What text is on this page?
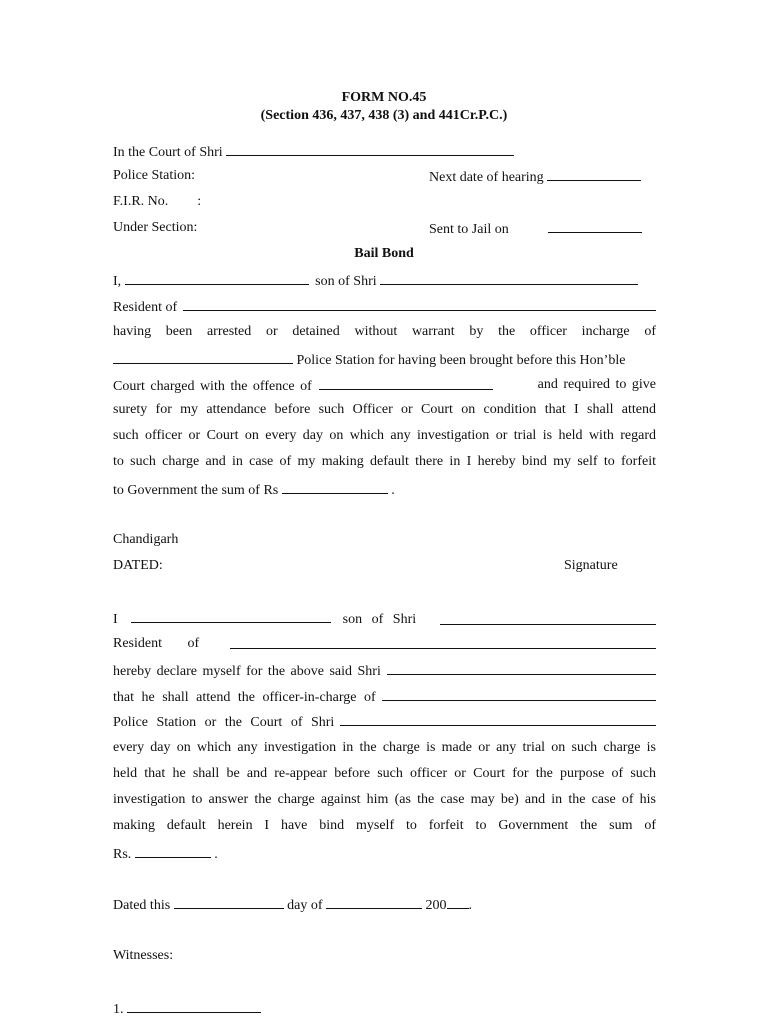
FORM NO.45
(Section 436, 437, 438 (3) and 441Cr.P.C.)
In the Court of Shri
Police Station:	Next date of hearing
F.I.R. No. :
Under Section:	Sent to Jail on
Bail Bond
I,	son of Shri
Resident of
having been arrested or detained without warrant by the officer incharge of
Police Station for having been brought before this Hon’ble
Court charged with the offence of	and required to give
surety for my attendance before such Officer or Court on condition that I shall attend
such officer or Court on every day on which any investigation or trial is held with regard
to such charge and in case of my making default there in I hereby bind my self to forfeit
to Government the sum of Rs	.
Chandigarh
DATED:	Signature
I	son of Shri
Resident of
hereby declare myself for the above said Shri
that he shall attend the officer-in-charge of
Police Station or the Court of Shri
every day on which any investigation in the charge is made or any trial on such charge is
held that he shall be and re-appear before such officer or Court for the purpose of such
investigation to answer the charge against him (as the case may be) and in the case of his
making default herein I have bind myself to forfeit to Government the sum of
Rs.	.
Dated this	day of	200 .
Witnesses:
1.
